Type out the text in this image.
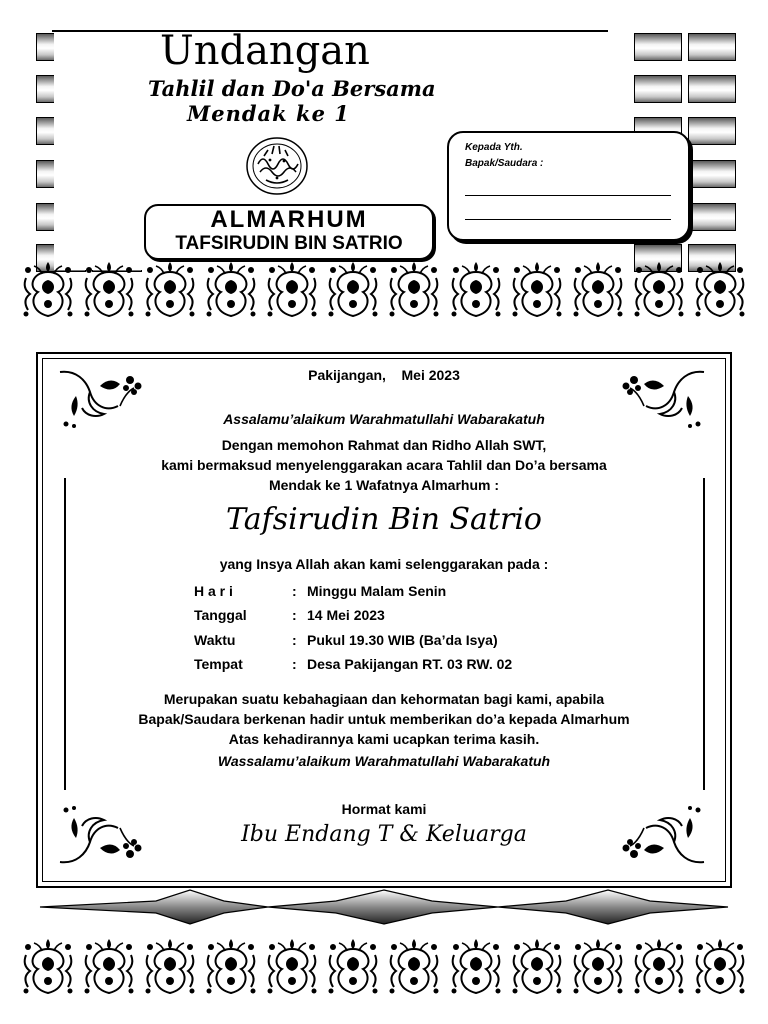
Undangan
Tahlil dan Do'a Bersama
Mendak ke 1
ALMARHUM
TAFSIRUDIN BIN SATRIO
Kepada Yth.
Bapak/Saudara :
Pakijangan,    Mei 2023
Assalamu’alaikum Warahmatullahi Wabarakatuh
Dengan memohon Rahmat dan Ridho Allah SWT,
kami bermaksud menyelenggarakan acara Tahlil dan Do’a bersama
Mendak ke 1 Wafatnya Almarhum :
Tafsirudin Bin Satrio
yang Insya Allah akan kami selenggarakan pada :
H a r i	: Minggu Malam Senin
Tanggal	: 14 Mei 2023
Waktu	: Pukul 19.30 WIB (Ba’da Isya)
Tempat	: Desa Pakijangan RT. 03 RW. 02
Merupakan suatu kebahagiaan dan kehormatan bagi kami, apabila
Bapak/Saudara berkenan hadir untuk memberikan do’a kepada Almarhum
Atas kehadirannya kami ucapkan terima kasih.
Wassalamu’alaikum Warahmatullahi Wabarakatuh
Hormat kami
Ibu Endang T & Keluarga
